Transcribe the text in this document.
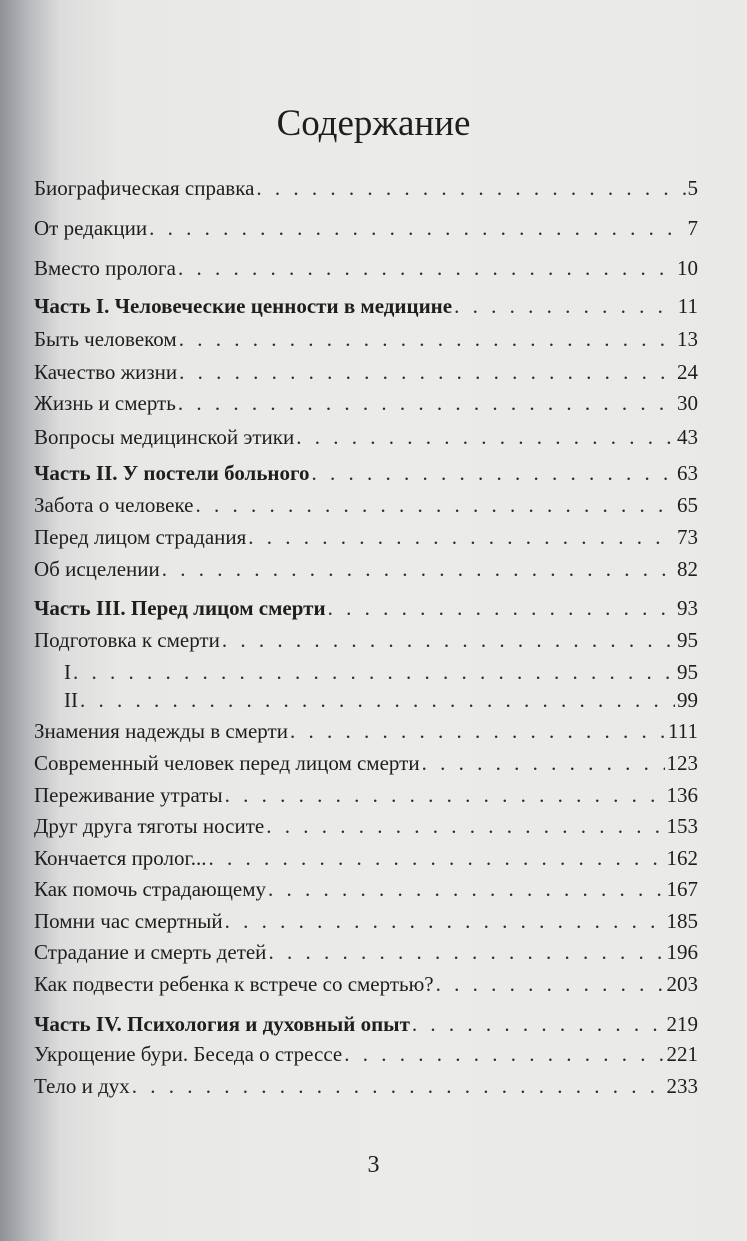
Содержание
Биографическая справка . . .	5
От редакции . . .	7
Вместо пролога . . .	10
Часть I. Человеческие ценности в медицине . . .	11
Быть человеком . . .	13
Качество жизни . . .	24
Жизнь и смерть . . .	30
Вопросы медицинской этики . . .	43
Часть II. У постели больного . . .	63
Забота о человеке . . .	65
Перед лицом страдания . . .	73
Об исцелении . . .	82
Часть III. Перед лицом смерти . . .	93
Подготовка к смерти . . .	95
I . . .	95
II . . .	99
Знамения надежды в смерти . . .	111
Современный человек перед лицом смерти . . .	123
Переживание утраты . . .	136
Друг друга тяготы носите . . .	153
Кончается пролог... . . .	162
Как помочь страдающему . . .	167
Помни час смертный . . .	185
Страдание и смерть детей . . .	196
Как подвести ребенка к встрече со смертью? . . .	203
Часть IV. Психология и духовный опыт . . .	219
Укрощение бури. Беседа о стрессе . . .	221
Тело и дух . . .	233
3
